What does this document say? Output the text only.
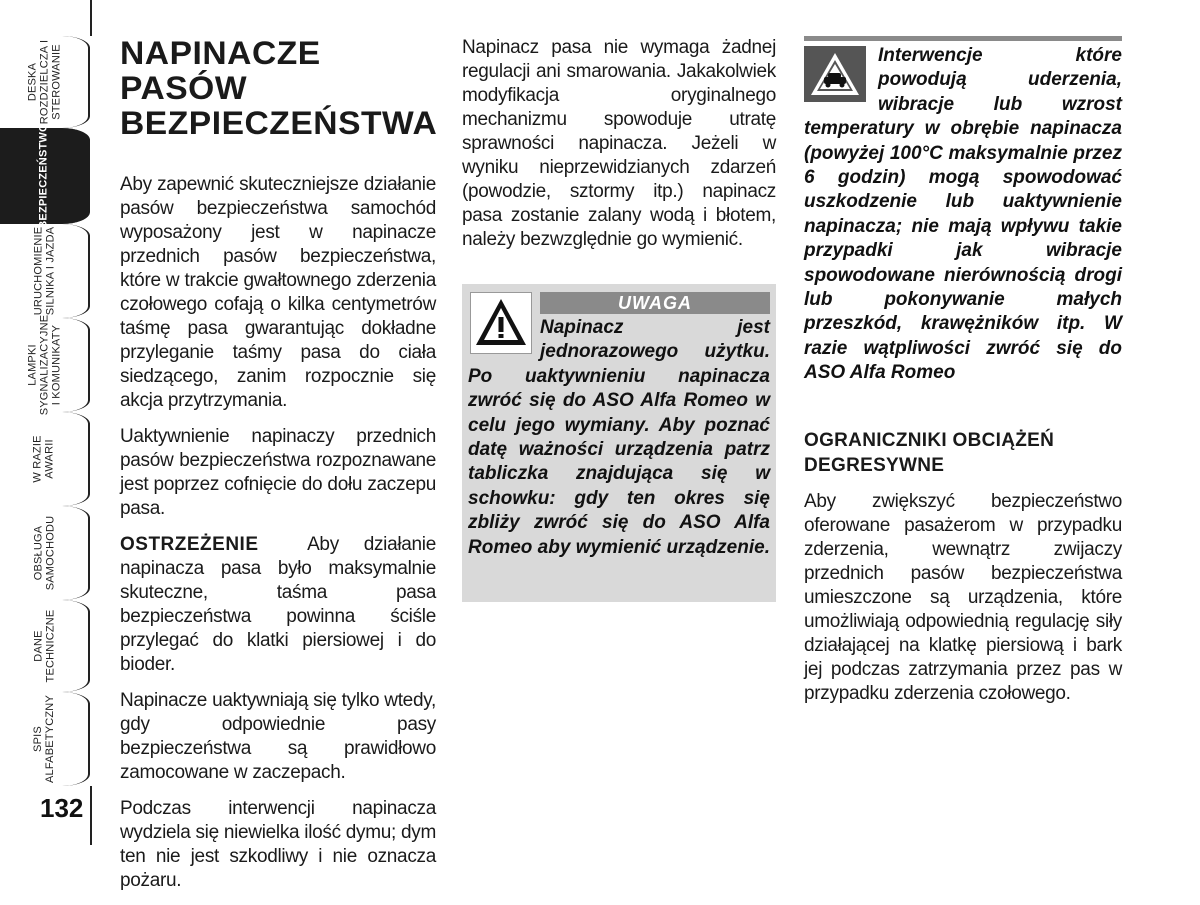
DESKA
ROZDZIELCZA I
STEROWANIE
BEZPIECZEŃSTWO
URUCHOMIENIE
SILNIKA I JAZDA
LAMPKI
SYGNALIZACYJNE
I KOMUNIKATY
W RAZIE
AWARII
OBSŁUGA
SAMOCHODU
DANE
TECHNICZNE
SPIS
ALFABETYCZNY
132
NAPINACZE PASÓW
BEZPIECZEŃSTWA

Aby zapewnić skuteczniejsze działanie pasów bezpieczeństwa samochód wyposażony jest w napinacze przednich pasów bezpieczeństwa, które w trakcie gwałtownego zderzenia czołowego cofają o kilka centymetrów taśmę pasa gwarantując dokładne przyleganie taśmy pasa do ciała siedzącego, zanim rozpocznie się akcja przytrzymania.

Uaktywnienie napinaczy przednich pasów bezpieczeństwa rozpoznawane jest poprzez cofnięcie do dołu zaczepu pasa.

OSTRZEŻENIE	Aby działanie napinacza pasa było maksymalnie skuteczne, taśma pasa bezpieczeństwa powinna ściśle przylegać do klatki piersiowej i do bioder.

Napinacze uaktywniają się tylko wtedy, gdy odpowiednie pasy bezpieczeństwa są prawidłowo zamocowane w zaczepach.

Podczas interwencji napinacza wydziela się niewielka ilość dymu; dym ten nie jest szkodliwy i nie oznacza pożaru.

Napinacz pasa nie wymaga żadnej regulacji ani smarowania. Jakakolwiek modyfikacja oryginalnego mechanizmu spowoduje utratę sprawności napinacza. Jeżeli w wyniku nieprzewidzianych zdarzeń (powodzie, sztormy itp.) napinacz pasa zostanie zalany wodą i błotem, należy bezwzględnie go wymienić.

UWAGA
Napinacz jest jednorazowego użytku. Po uaktywnieniu napinacza zwróć się do ASO Alfa Romeo w celu jego wymiany. Aby poznać datę ważności urządzenia patrz tabliczka znajdująca się w schowku: gdy ten okres się zbliży zwróć się do ASO Alfa Romeo aby wymienić urządzenie.
Interwencje które powodują uderzenia, wibracje lub wzrost temperatury w obrębie napinacza (powyżej 100°C maksymalnie przez 6 godzin) mogą spowodować uszkodzenie lub uaktywnienie napinacza; nie mają wpływu takie przypadki jak wibracje spowodowane nierównością drogi lub pokonywanie małych przeszkód, krawężników itp. W razie wątpliwości zwróć się do ASO Alfa Romeo
OGRANICZNIKI OBCIĄŻEŃ
DEGRESYWNE

Aby zwiększyć bezpieczeństwo oferowane pasażerom w przypadku zderzenia, wewnątrz zwijaczy przednich pasów bezpieczeństwa umieszczone są urządzenia, które umożliwiają odpowiednią regulację siły działającej na klatkę piersiową i bark jej podczas zatrzymania przez pas w przypadku zderzenia czołowego.
